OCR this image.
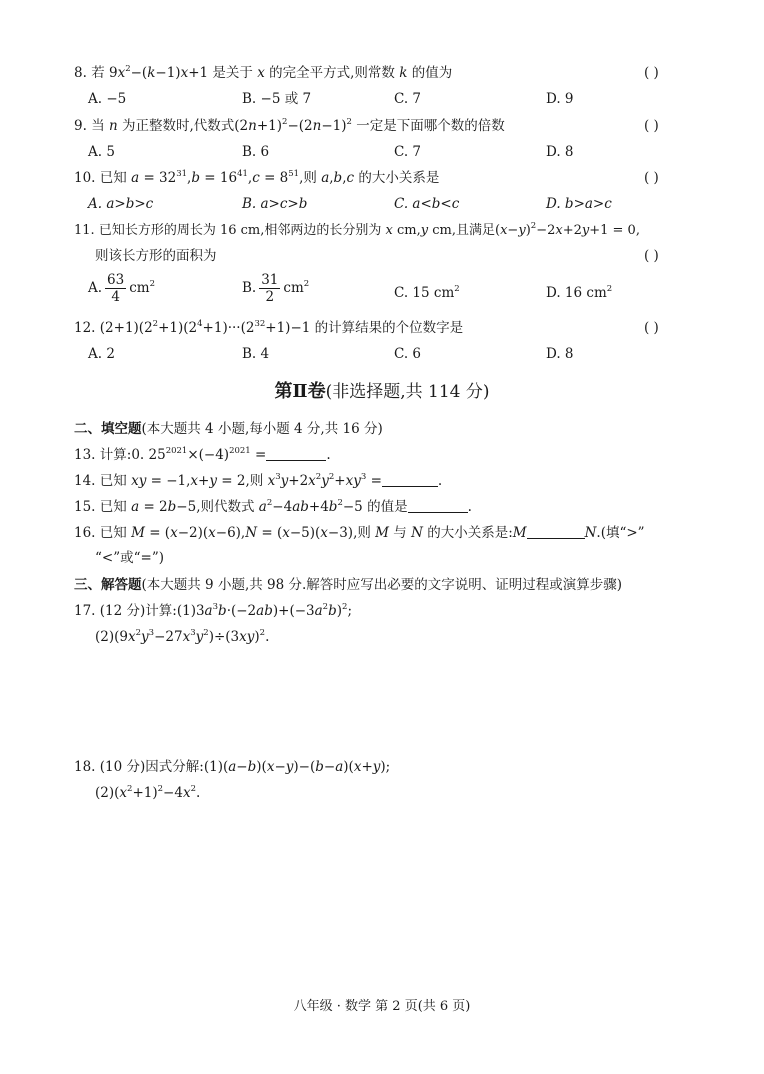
8. 若 $9x^2-(k-1)x+1$ 是关于 x 的完全平方式,则常数 k 的值为	( )
A. −5	B. −5 或 7	C. 7	D. 9
9. 当 n 为正整数时,代数式$(2n+1)^2-(2n-1)^2$ 一定是下面哪个数的倍数	( )
A. 5	B. 6	C. 7	D. 8
10. 已知 $a = 32^{31},b = 16^{41},c = 8^{51}$,则 a,b,c 的大小关系是	( )
A. a>b>c	B. a>c>b	C. a<b<c	D. b>a>c
11. 已知长方形的周长为 16 cm,相邻两边的长分别为 x cm,y cm,且满足$(x-y)^2-2x+2y+1 = 0$,
则该长方形的面积为	( )
A. $\frac{63}{4} cm^2$	B. $\frac{31}{2} cm^2$
C. 15 $cm^2$	D. 16 $cm^2$
12. $(2+1)(2^2+1)(2^4+1)\cdot\cdot\cdot(2^{32}+1)-1$ 的计算结果的个位数字是	( )
A. 2	B. 4	C. 6	D. 8
第Ⅱ卷(非选择题,共 114 分)
二、填空题(本大题共 4 小题,每小题 4 分,共 16 分)
13. 计算:0. $25^{2021}\times(-4)^{2021}$ =	.
14. 已知 xy = −1,x+y = 2,则 $x^3y+2x^2y^2+xy^3$ =	.
15. 已知 a = 2b−5,则代数式 $a^2-4ab+4b^2-5$ 的值是	.
16. 已知 M = (x−2)(x−6),N = (x−5)(x−3),则 M 与 N 的大小关系是:M	N.(填“>”
“<”或“=”)
三、解答题(本大题共 9 小题,共 98 分.解答时应写出必要的文字说明、证明过程或演算步骤)
17. (12 分)计算$:(1)3a^3b\cdot(-2ab)+(-3a^2b)^2$;
$(2)(9x^2y^3-27x^3y^2)\div(3xy)^2$.
18. (10 分)因式分解:(1)(a−b)(x−y)−(b−a)(x+y);
$(2)(x^2+1)^2-4x^2$.
八年级 · 数学 第 2 页(共 6 页)
